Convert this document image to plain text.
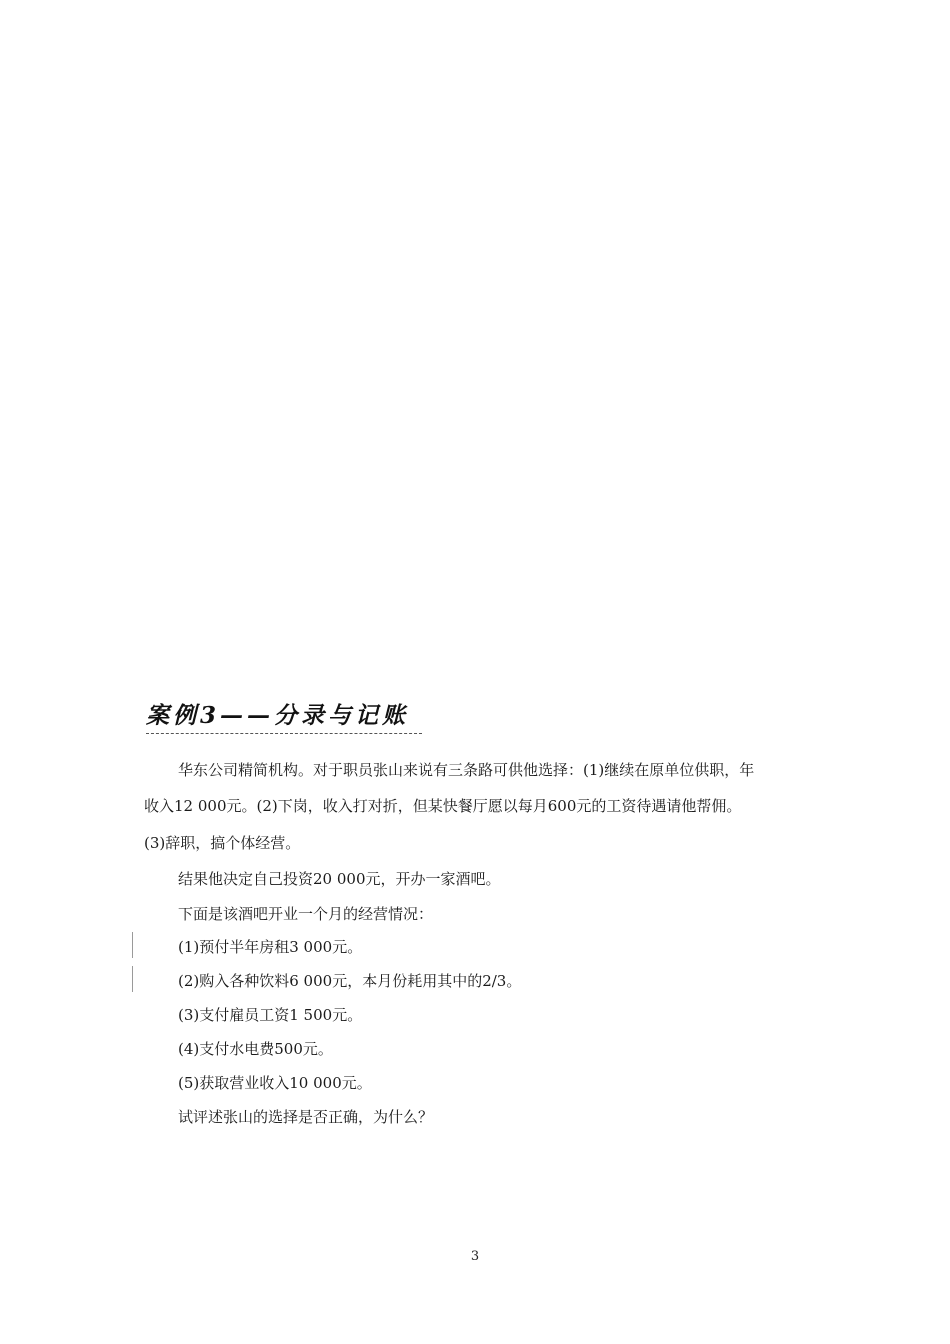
案例3——分录与记账
华东公司精简机构。对于职员张山来说有三条路可供他选择：(1)继续在原单位供职，年
收入12 000元。(2)下岗，收入打对折，但某快餐厅愿以每月600元的工资待遇请他帮佣。
(3)辞职，搞个体经营。
结果他决定自己投资20 000元，开办一家酒吧。
下面是该酒吧开业一个月的经营情况：
(1)预付半年房租3 000元。
(2)购入各种饮料6 000元，本月份耗用其中的2/3。
(3)支付雇员工资1 500元。
(4)支付水电费500元。
(5)获取营业收入10 000元。
试评述张山的选择是否正确，为什么？
3
